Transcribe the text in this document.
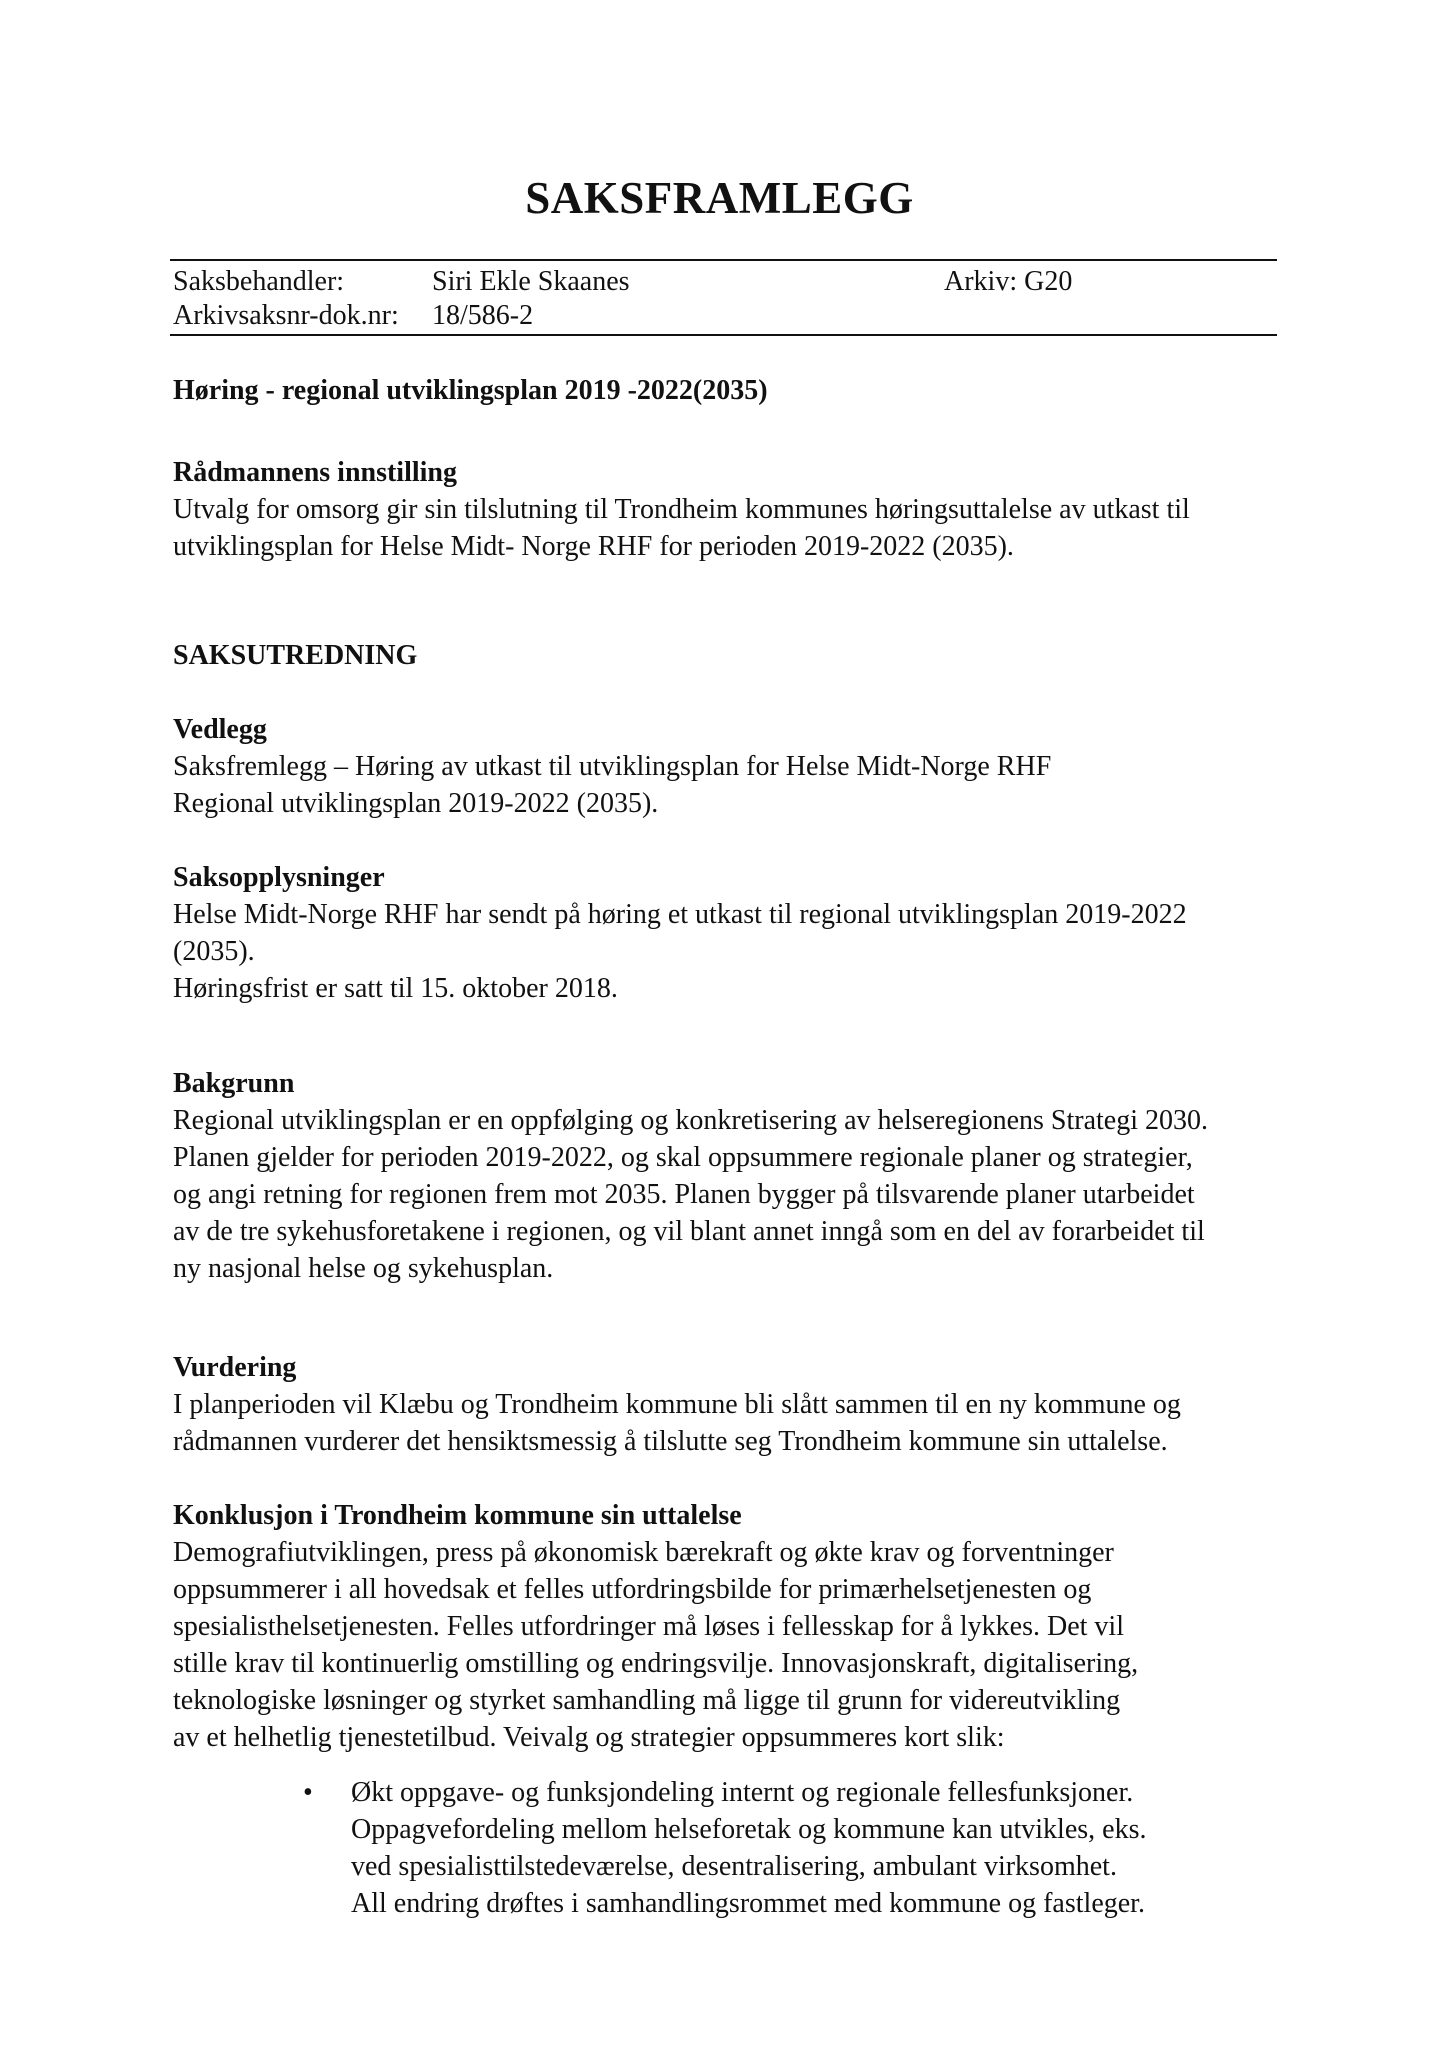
SAKSFRAMLEGG
Saksbehandler:	Siri Ekle Skaanes	Arkiv: G20
Arkivsaksnr-dok.nr: 18/586-2

Høring - regional utviklingsplan 2019 -2022(2035)

Rådmannens innstilling

Utvalg for omsorg gir sin tilslutning til Trondheim kommunes høringsuttalelse av utkast til

utviklingsplan for Helse Midt- Norge RHF for perioden 2019-2022 (2035).

SAKSUTREDNING

Vedlegg

Saksfremlegg – Høring av utkast til utviklingsplan for Helse Midt-Norge RHF

Regional utviklingsplan 2019-2022 (2035).

Saksopplysninger

Helse Midt-Norge RHF har sendt på høring et utkast til regional utviklingsplan 2019-2022

(2035).

Høringsfrist er satt til 15. oktober 2018.

Bakgrunn

Regional utviklingsplan er en oppfølging og konkretisering av helseregionens Strategi 2030.

Planen gjelder for perioden 2019-2022, og skal oppsummere regionale planer og strategier,

og angi retning for regionen frem mot 2035. Planen bygger på tilsvarende planer utarbeidet

av de tre sykehusforetakene i regionen, og vil blant annet inngå som en del av forarbeidet til

ny nasjonal helse og sykehusplan.

Vurdering

I planperioden vil Klæbu og Trondheim kommune bli slått sammen til en ny kommune og

rådmannen vurderer det hensiktsmessig å tilslutte seg Trondheim kommune sin uttalelse.

Konklusjon i Trondheim kommune sin uttalelse

Demografiutviklingen, press på økonomisk bærekraft og økte krav og forventninger

oppsummerer i all hovedsak et felles utfordringsbilde for primærhelsetjenesten og

spesialisthelsetjenesten. Felles utfordringer må løses i fellesskap for å lykkes. Det vil

stille krav til kontinuerlig omstilling og endringsvilje. Innovasjonskraft, digitalisering,

teknologiske løsninger og styrket samhandling må ligge til grunn for videreutvikling

av et helhetlig tjenestetilbud. Veivalg og strategier oppsummeres kort slik:

• Økt oppgave- og funksjondeling internt og regionale fellesfunksjoner.

Oppagvefordeling mellom helseforetak og kommune kan utvikles, eks.

ved spesialisttilstedeværelse, desentralisering, ambulant virksomhet.

All endring drøftes i samhandlingsrommet med kommune og fastleger.
